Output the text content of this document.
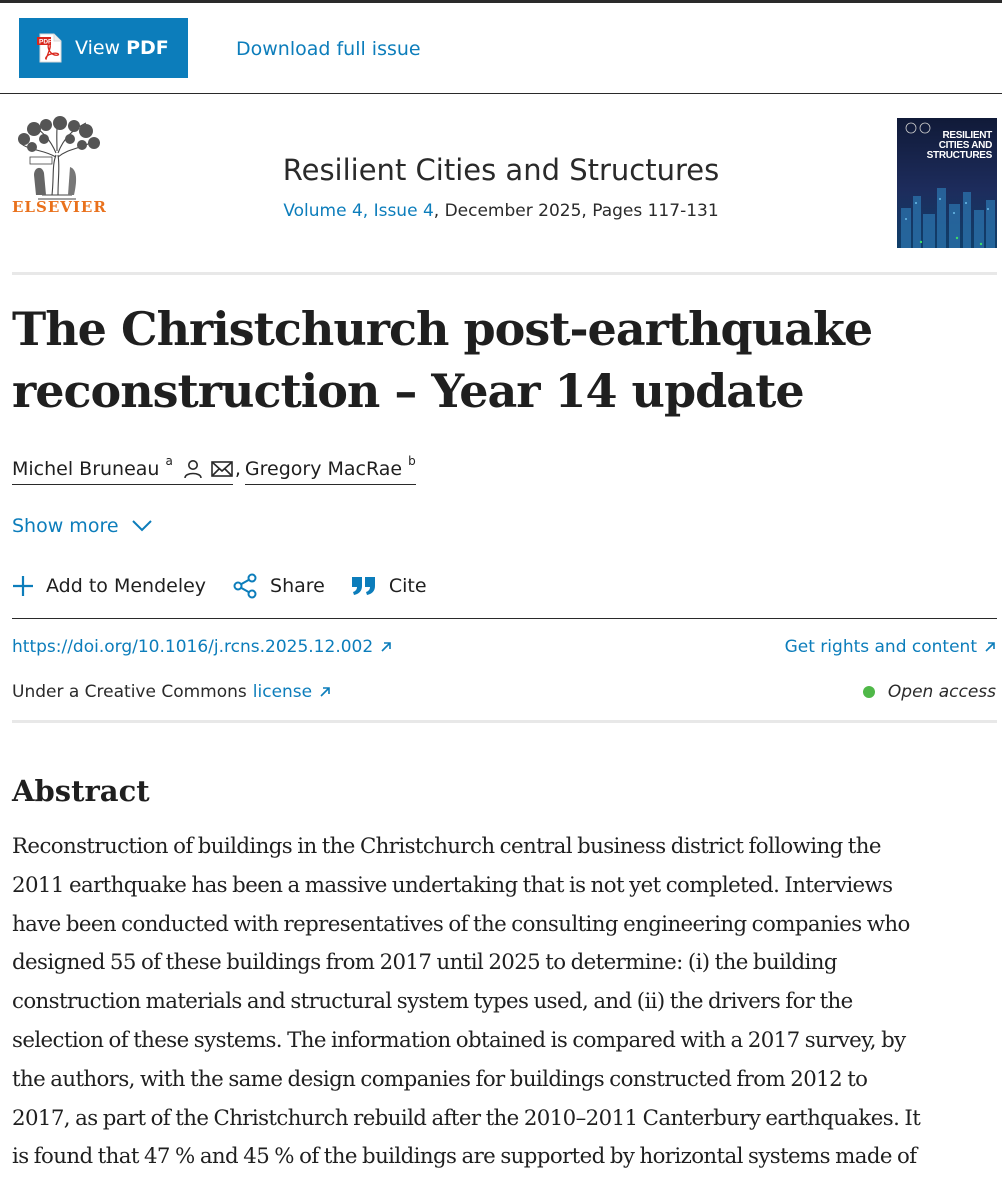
PDF View PDF	Download full issue
ELSEVIER
Resilient Cities and Structures
Volume 4, Issue 4, December 2025, Pages 117-131
RESILIENT
CITIES AND
STRUCTURES
The Christchurch post-earthquake
reconstruction – Year 14 update
Michel Bruneau $^a$	, Gregory MacRae $^b$
Show more
Add to Mendeley	Share	Cite
https://doi.org/10.1016/j.rcns.2025.12.002	Get rights and content
Under a Creative Commons license	Open access
Abstract
Reconstruction of buildings in the Christchurch central business district following the
2011 earthquake has been a massive undertaking that is not yet completed. Interviews
have been conducted with representatives of the consulting engineering companies who
designed 55 of these buildings from 2017 until 2025 to determine: (i) the building
construction materials and structural system types used, and (ii) the drivers for the
selection of these systems. The information obtained is compared with a 2017 survey, by
the authors, with the same design companies for buildings constructed from 2012 to
2017, as part of the Christchurch rebuild after the 2010–2011 Canterbury earthquakes. It
is found that 47 % and 45 % of the buildings are supported by horizontal systems made of
